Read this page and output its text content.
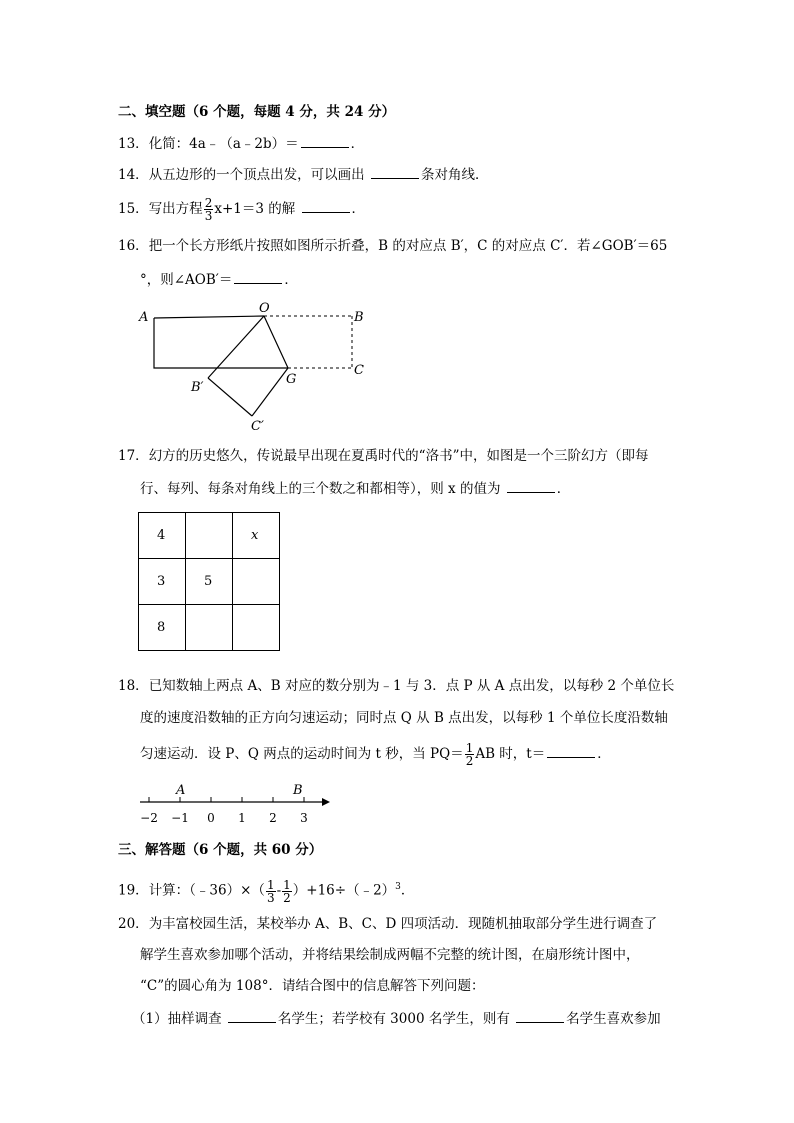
二、填空题（6 个题，每题 4 分，共 24 分）
13．化简：4a﹣（a﹣2b）＝	．
14．从五边形的一个顶点出发，可以画出	条对角线．
15．写出方程 $\frac{2}{3} x+1=3$ 的解	．
16．把一个长方形纸片按照如图所示折叠，B 的对应点 B′，C 的对应点 C′．若∠GOB′＝65
°，则∠AOB′＝	．
A
O
B
C
G
B′
C′
17．幻方的历史悠久，传说最早出现在夏禹时代的“洛书”中，如图是一个三阶幻方（即每
行、每列、每条对角线上的三个数之和都相等），则 x 的值为	．
4		x
3	5	
8		
18．已知数轴上两点 A、B 对应的数分别为﹣1 与 3．点 P 从 A 点出发，以每秒 2 个单位长
度的速度沿数轴的正方向匀速运动；同时点 Q 从 B 点出发，以每秒 1 个单位长度沿数轴
匀速运动．设 P、Q 两点的运动时间为 t 秒，当 $PQ= \frac{1}{2}$ AB 时，t＝	．
−2 −1 0 1 2 3
A	B
三、解答题（6 个题，共 60 分）
19．计算：（﹣36）×（ $\frac{1}{3} - \frac{1}{2}$ ）+16÷（﹣2）$^3$．
20．为丰富校园生活，某校举办 A、B、C、D 四项活动．现随机抽取部分学生进行调查了
解学生喜欢参加哪个活动，并将结果绘制成两幅不完整的统计图，在扇形统计图中，
“C”的圆心角为 108°．请结合图中的信息解答下列问题：
（1）抽样调查	名学生；若学校有 3000 名学生，则有	名学生喜欢参加
